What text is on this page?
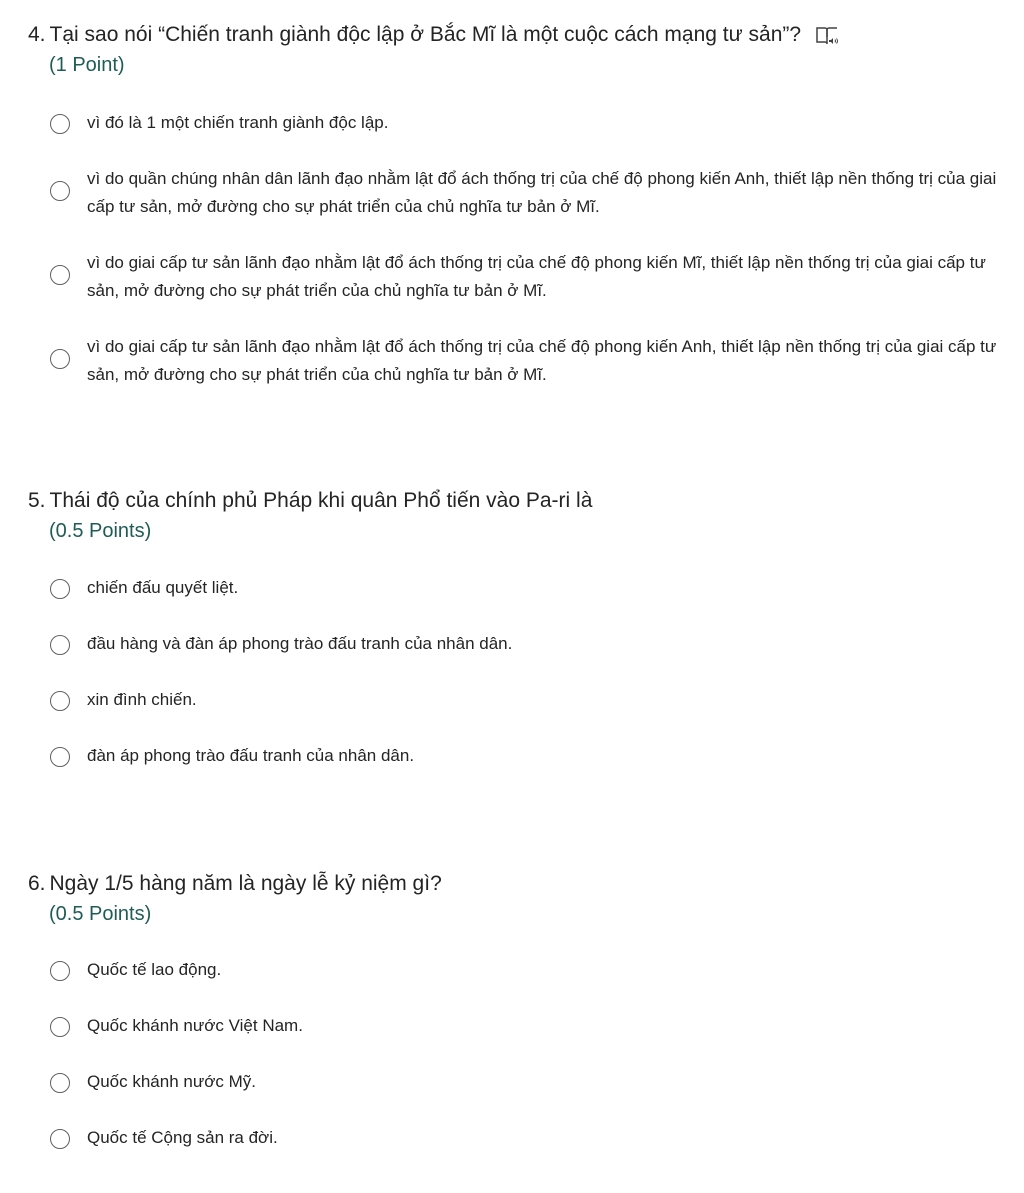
4. Tại sao nói “Chiến tranh giành độc lập ở Bắc Mĩ là một cuộc cách mạng tư sản”?
(1 Point)
vì đó là 1 một chiến tranh giành độc lập.
vì do quần chúng nhân dân lãnh đạo nhằm lật đổ ách thống trị của chế độ phong kiến Anh, thiết lập nền thống trị của giai cấp tư sản, mở đường cho sự phát triển của chủ nghĩa tư bản ở Mĩ.
vì do giai cấp tư sản lãnh đạo nhằm lật đổ ách thống trị của chế độ phong kiến Mĩ, thiết lập nền thống trị của giai cấp tư sản, mở đường cho sự phát triển của chủ nghĩa tư bản ở Mĩ.
vì do giai cấp tư sản lãnh đạo nhằm lật đổ ách thống trị của chế độ phong kiến Anh, thiết lập nền thống trị của giai cấp tư sản, mở đường cho sự phát triển của chủ nghĩa tư bản ở Mĩ.
5. Thái độ của chính phủ Pháp khi quân Phổ tiến vào Pa-ri là
(0.5 Points)
chiến đấu quyết liệt.
đầu hàng và đàn áp phong trào đấu tranh của nhân dân.
xin đình chiến.
đàn áp phong trào đấu tranh của nhân dân.
6. Ngày 1/5 hàng năm là ngày lễ kỷ niệm gì?
(0.5 Points)
Quốc tế lao động.
Quốc khánh nước Việt Nam.
Quốc khánh nước Mỹ.
Quốc tế Cộng sản ra đời.
